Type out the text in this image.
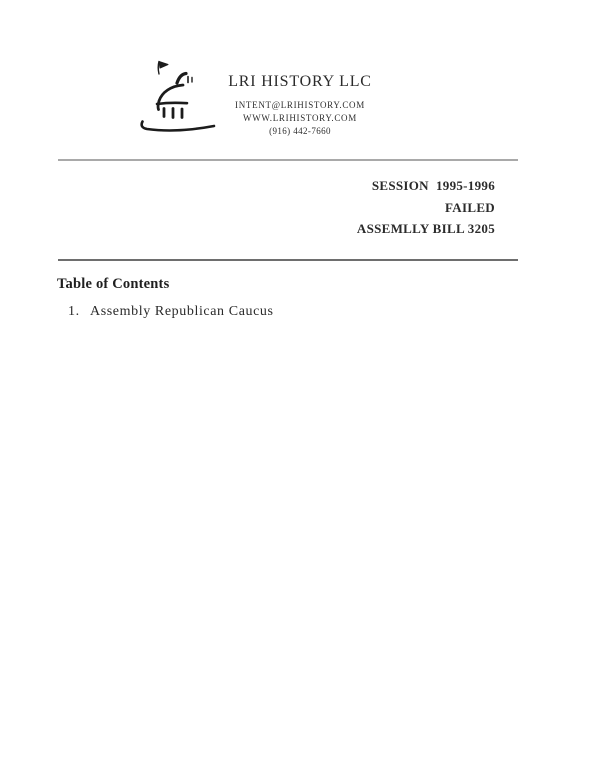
LRI HISTORY LLC
INTENT@LRIHISTORY.COM
WWW.LRIHISTORY.COM
(916) 442-7660
SESSION  1995-1996
FAILED
ASSEMLLY BILL 3205
Table of Contents
1. Assembly Republican Caucus
